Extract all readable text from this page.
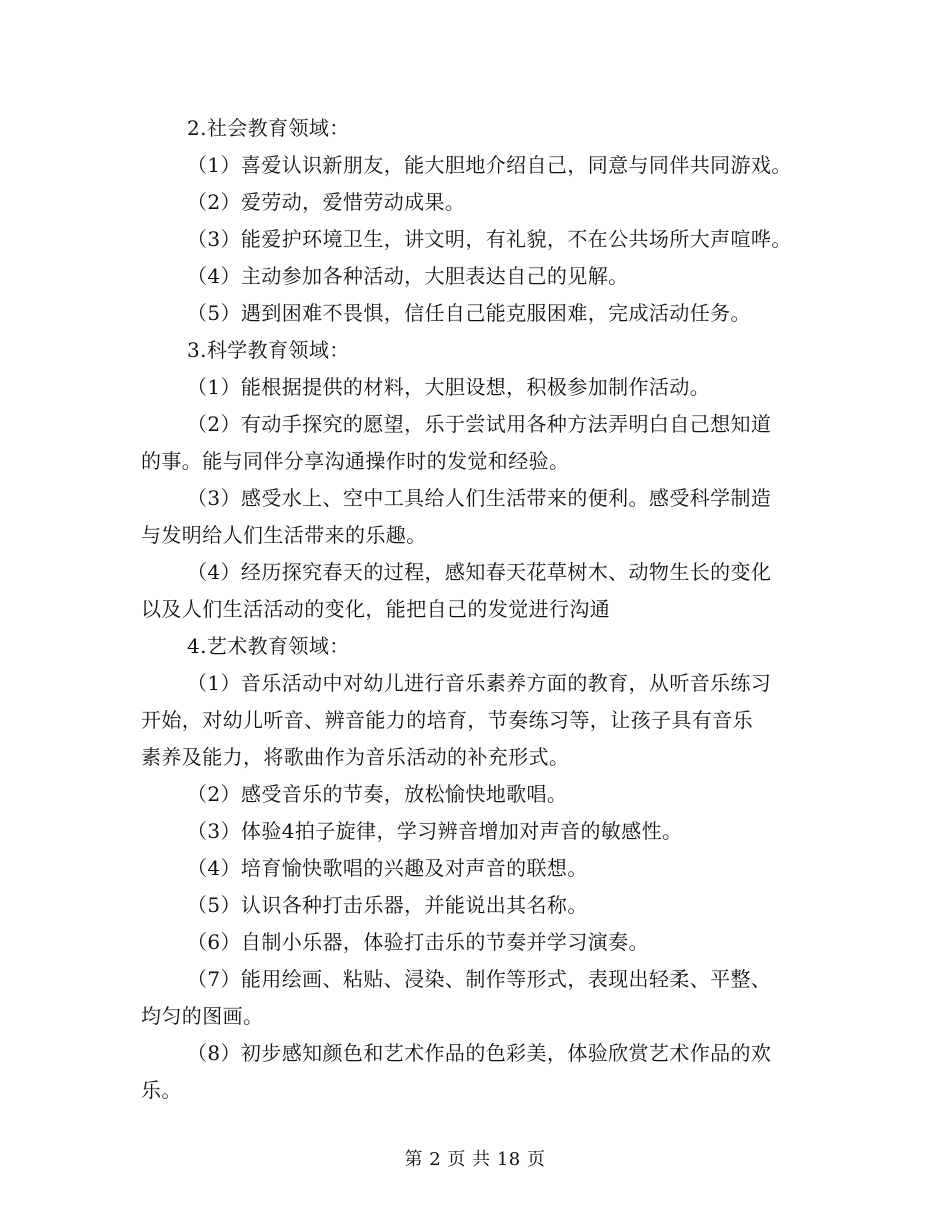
2.社会教育领域：
（1）喜爱认识新朋友，能大胆地介绍自己，同意与同伴共同游戏。
（2）爱劳动，爱惜劳动成果。
（3）能爱护环境卫生，讲文明，有礼貌，不在公共场所大声喧哗。
（4）主动参加各种活动，大胆表达自己的见解。
（5）遇到困难不畏惧，信任自己能克服困难，完成活动任务。
3.科学教育领域：
（1）能根据提供的材料，大胆设想，积极参加制作活动。
（2）有动手探究的愿望，乐于尝试用各种方法弄明白自己想知道
的事。能与同伴分享沟通操作时的发觉和经验。
（3）感受水上、空中工具给人们生活带来的便利。感受科学制造
与发明给人们生活带来的乐趣。
（4）经历探究春天的过程，感知春天花草树木、动物生长的变化
以及人们生活活动的变化，能把自己的发觉进行沟通
4.艺术教育领域：
（1）音乐活动中对幼儿进行音乐素养方面的教育，从听音乐练习
开始，对幼儿听音、辨音能力的培育，节奏练习等，让孩子具有音乐
素养及能力，将歌曲作为音乐活动的补充形式。
（2）感受音乐的节奏，放松愉快地歌唱。
（3）体验4拍子旋律，学习辨音增加对声音的敏感性。
（4）培育愉快歌唱的兴趣及对声音的联想。
（5）认识各种打击乐器，并能说出其名称。
（6）自制小乐器，体验打击乐的节奏并学习演奏。
（7）能用绘画、粘贴、浸染、制作等形式，表现出轻柔、平整、
均匀的图画。
（8）初步感知颜色和艺术作品的色彩美，体验欣赏艺术作品的欢
乐。
第 2 页 共 18 页
